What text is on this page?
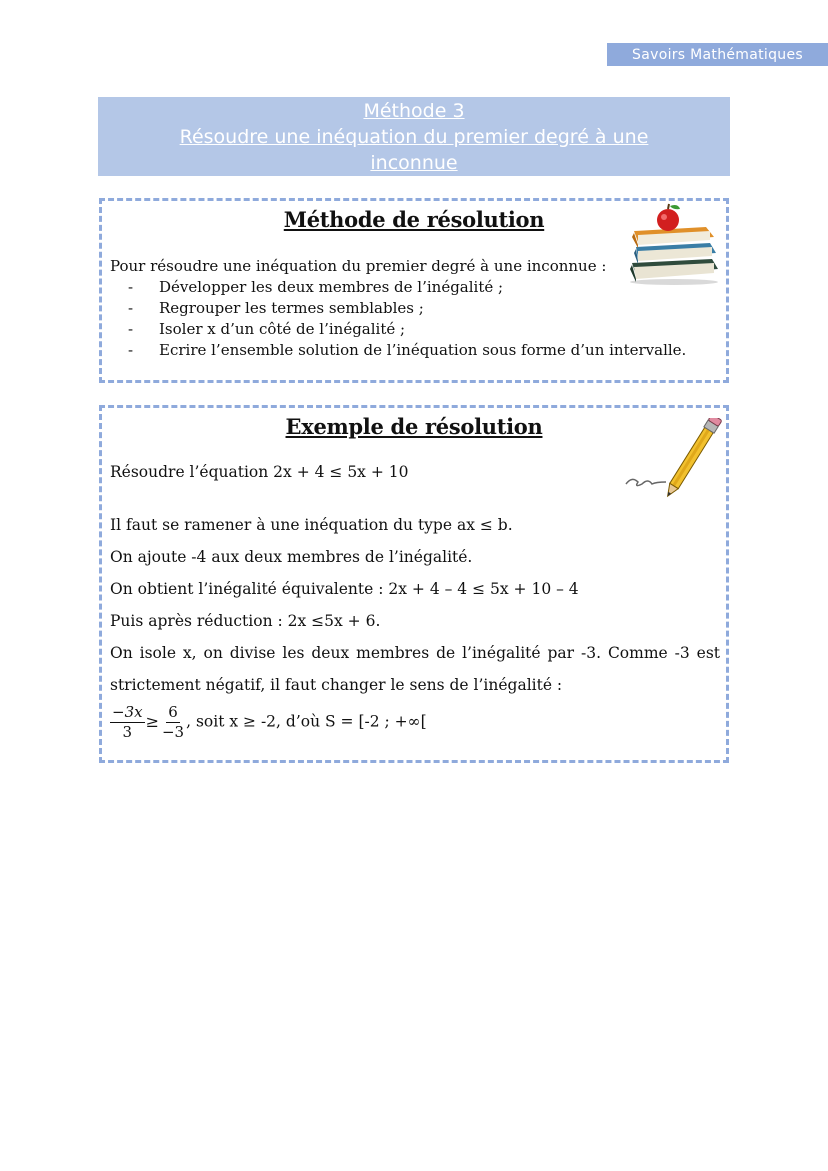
Savoirs Mathématiques
Méthode 3
Résoudre une inéquation du premier degré à une inconnue
Méthode de résolution
Pour résoudre une inéquation du premier degré à une inconnue :
-	Développer les deux membres de l’inégalité ;
-	Regrouper les termes semblables ;
-	Isoler x d’un côté de l’inégalité ;
-	Ecrire l’ensemble solution de l’inéquation sous forme d’un intervalle.
Exemple de résolution
Résoudre l’équation 2x + 4 ≤ 5x + 10
Il faut se ramener à une inéquation du type ax ≤ b.
On ajoute -4 aux deux membres de l’inégalité.
On obtient l’inégalité équivalente : 2x + 4 – 4 ≤ 5x + 10 – 4
Puis après réduction : 2x ≤5x + 6.
On isole x, on divise les deux membres de l’inégalité par -3. Comme -3 est
strictement négatif, il faut changer le sens de l’inégalité :
$\frac{-3x}{3} \ge \frac{6}{-3}$ , soit x ≥ -2, d’où S = [-2 ; +∞[
